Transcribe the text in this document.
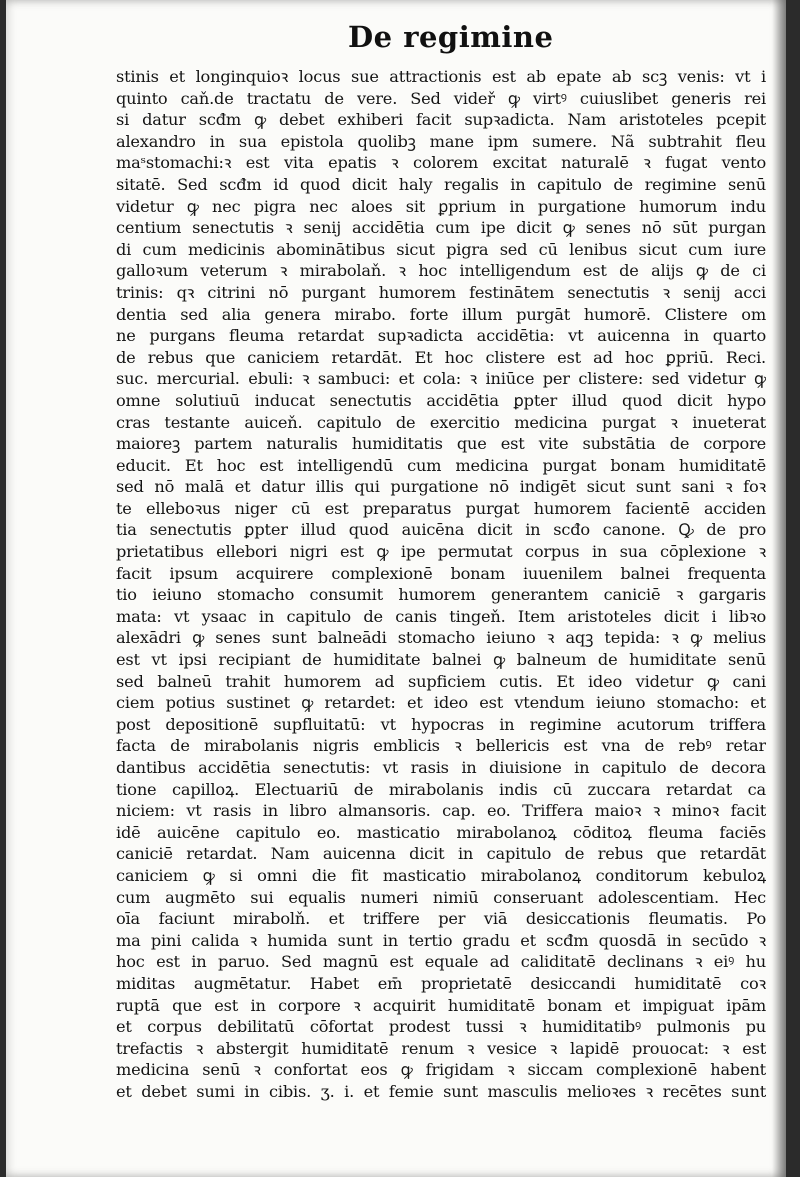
De regimine
stinis et longinquioꝛ locus sue attractionis est ab epate ab scꝫ venis: vt i
quinto caň.de tractatu de vere. Sed videř ꝙ virtꝰ cuiuslibet generis rei
si datur scđm ꝙ debet exhiberi facit supꝛadicta. Nam aristoteles pcepit
alexandro in sua epistola quolibꝫ mane ipm sumere. Nã subtrahit fleu
maˢstomachi:ꝛ est vita epatis ꝛ colorem excitat naturalē ꝛ fugat vento
sitatē. Sed scđm id quod dicit haly regalis in capitulo de regimine senū
videtur ꝙ nec pigra nec aloes sit ꝑprium in purgatione humorum indu
centium senectutis ꝛ senij accidētia cum ipe dicit ꝙ senes nō sūt purgan
di cum medicinis abominātibus sicut pigra sed cū lenibus sicut cum iure
galloꝛum veterum ꝛ mirabolaň. ꝛ hoc intelligendum est de alijs ꝙ de ci
trinis: qꝛ citrini nō purgant humorem festinātem senectutis ꝛ senij acci
dentia sed alia genera mirabo. forte illum purgāt humorē. Clistere om
ne purgans fleuma retardat supꝛadicta accidētia: vt auicenna in quarto
de rebus que caniciem retardāt. Et hoc clistere est ad hoc ꝑpriū. Reci.
suc. mercurial. ebuli: ꝛ sambuci: et cola: ꝛ iniūce per clistere: sed videtur ꝙ
omne solutiuū inducat senectutis accidētia ꝑpter illud quod dicit hypo
cras testante auiceň. capitulo de exercitio medicina purgat ꝛ inueterat
maioreꝫ partem naturalis humiditatis que est vite substātia de corpore
educit. Et hoc est intelligendū cum medicina purgat bonam humiditatē
sed nō malā et datur illis qui purgatione nō indigēt sicut sunt sani ꝛ foꝛ
te elleboꝛus niger cū est preparatus purgat humorem facientē acciden
tia senectutis ꝑpter illud quod auicēna dicit in scđo canone. Ꝙ de pro
prietatibus ellebori nigri est ꝙ ipe permutat corpus in sua cōplexione ꝛ
facit ipsum acquirere complexionē bonam iuuenilem balnei frequenta
tio ieiuno stomacho consumit humorem generantem caniciē ꝛ gargaris
mata: vt ysaac in capitulo de canis tingeň. Item aristoteles dicit i libꝛo
alexādri ꝙ senes sunt balneādi stomacho ieiuno ꝛ aqꝫ tepida: ꝛ ꝙ melius
est vt ipsi recipiant de humiditate balnei ꝙ balneum de humiditate senū
sed balneū trahit humorem ad supficiem cutis. Et ideo videtur ꝙ cani
ciem potius sustinet ꝙ retardet: et ideo est vtendum ieiuno stomacho: et
post depositionē supfluitatū: vt hypocras in regimine acutorum triffera
facta de mirabolanis nigris emblicis ꝛ bellericis est vna de rebꝰ retar
dantibus accidētia senectutis: vt rasis in diuisione in capitulo de decora
tione capilloꝝ. Electuariū de mirabolanis indis cū zuccara retardat ca
niciem: vt rasis in libro almansoris. cap. eo. Triffera maioꝛ ꝛ minoꝛ facit
idē auicēne capitulo eo. masticatio mirabolanoꝝ cōditoꝝ fleuma faciēs
caniciē retardat. Nam auicenna dicit in capitulo de rebus que retardāt
caniciem ꝙ si omni die fit masticatio mirabolanoꝝ conditorum kebuloꝝ
cum augmēto sui equalis numeri nimiū conseruant adolescentiam. Hec
oīa faciunt mirabolň. et triffere per viā desiccationis fleumatis. Po
ma pini calida ꝛ humida sunt in tertio gradu et scđm quosdā in secūdo ꝛ
hoc est in paruo. Sed magnū est equale ad caliditatē declinans ꝛ eiꝰ hu
miditas augmētatur. Habet em̄ proprietatē desiccandi humiditatē coꝛ
ruptā que est in corpore ꝛ acquirit humiditatē bonam et impiguat ipām
et corpus debilitatū cōfortat prodest tussi ꝛ humiditatibꝰ pulmonis pu
trefactis ꝛ abstergit humiditatē renum ꝛ vesice ꝛ lapidē prouocat: ꝛ est
medicina senū ꝛ confortat eos ꝙ frigidam ꝛ siccam complexionē habent
et debet sumi in cibis. ʒ. i. et femie sunt masculis melioꝛes ꝛ recētes sunt
